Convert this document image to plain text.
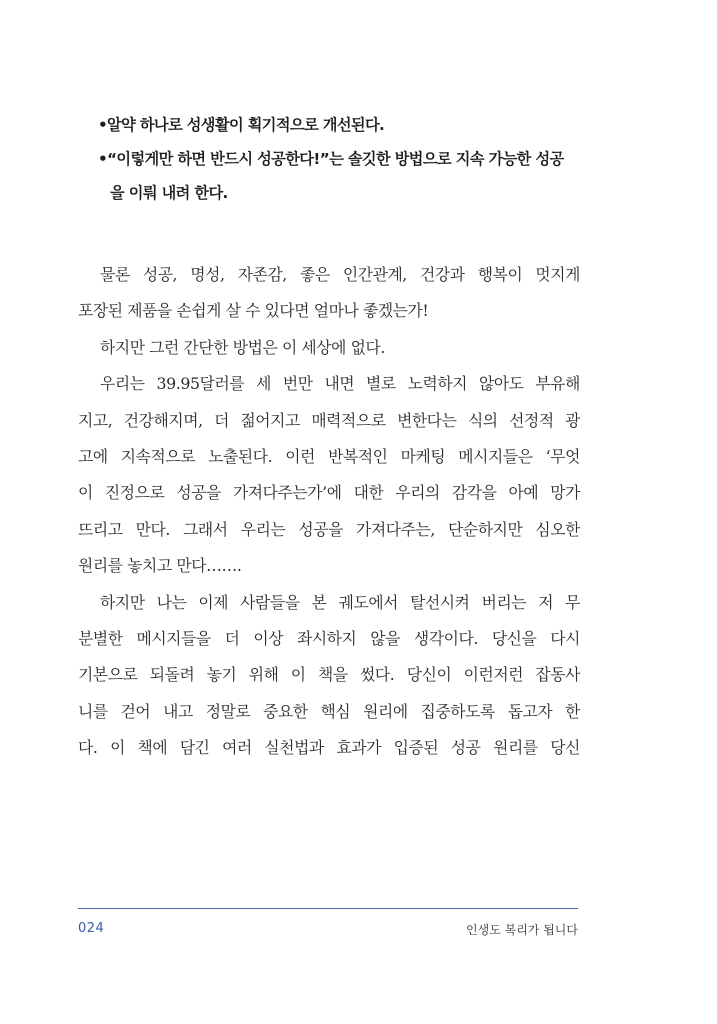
•알약 하나로 성생활이 획기적으로 개선된다.
•“이렇게만 하면 반드시 성공한다!”는 솔깃한 방법으로 지속 가능한 성공
을 이뤄 내려 한다.
물론 성공, 명성, 자존감, 좋은 인간관계, 건강과 행복이 멋지게
포장된 제품을 손쉽게 살 수 있다면 얼마나 좋겠는가!
하지만 그런 간단한 방법은 이 세상에 없다.
우리는 39.95달러를 세 번만 내면 별로 노력하지 않아도 부유해
지고, 건강해지며, 더 젊어지고 매력적으로 변한다는 식의 선정적 광
고에 지속적으로 노출된다. 이런 반복적인 마케팅 메시지들은 ‘무엇
이 진정으로 성공을 가져다주는가’에 대한 우리의 감각을 아예 망가
뜨리고 만다. 그래서 우리는 성공을 가져다주는, 단순하지만 심오한
원리를 놓치고 만다…….
하지만 나는 이제 사람들을 본 궤도에서 탈선시켜 버리는 저 무
분별한 메시지들을 더 이상 좌시하지 않을 생각이다. 당신을 다시
기본으로 되돌려 놓기 위해 이 책을 썼다. 당신이 이런저런 잡동사
니를 걷어 내고 정말로 중요한 핵심 원리에 집중하도록 돕고자 한
다. 이 책에 담긴 여러 실천법과 효과가 입증된 성공 원리를 당신
024	인생도 복리가 됩니다
